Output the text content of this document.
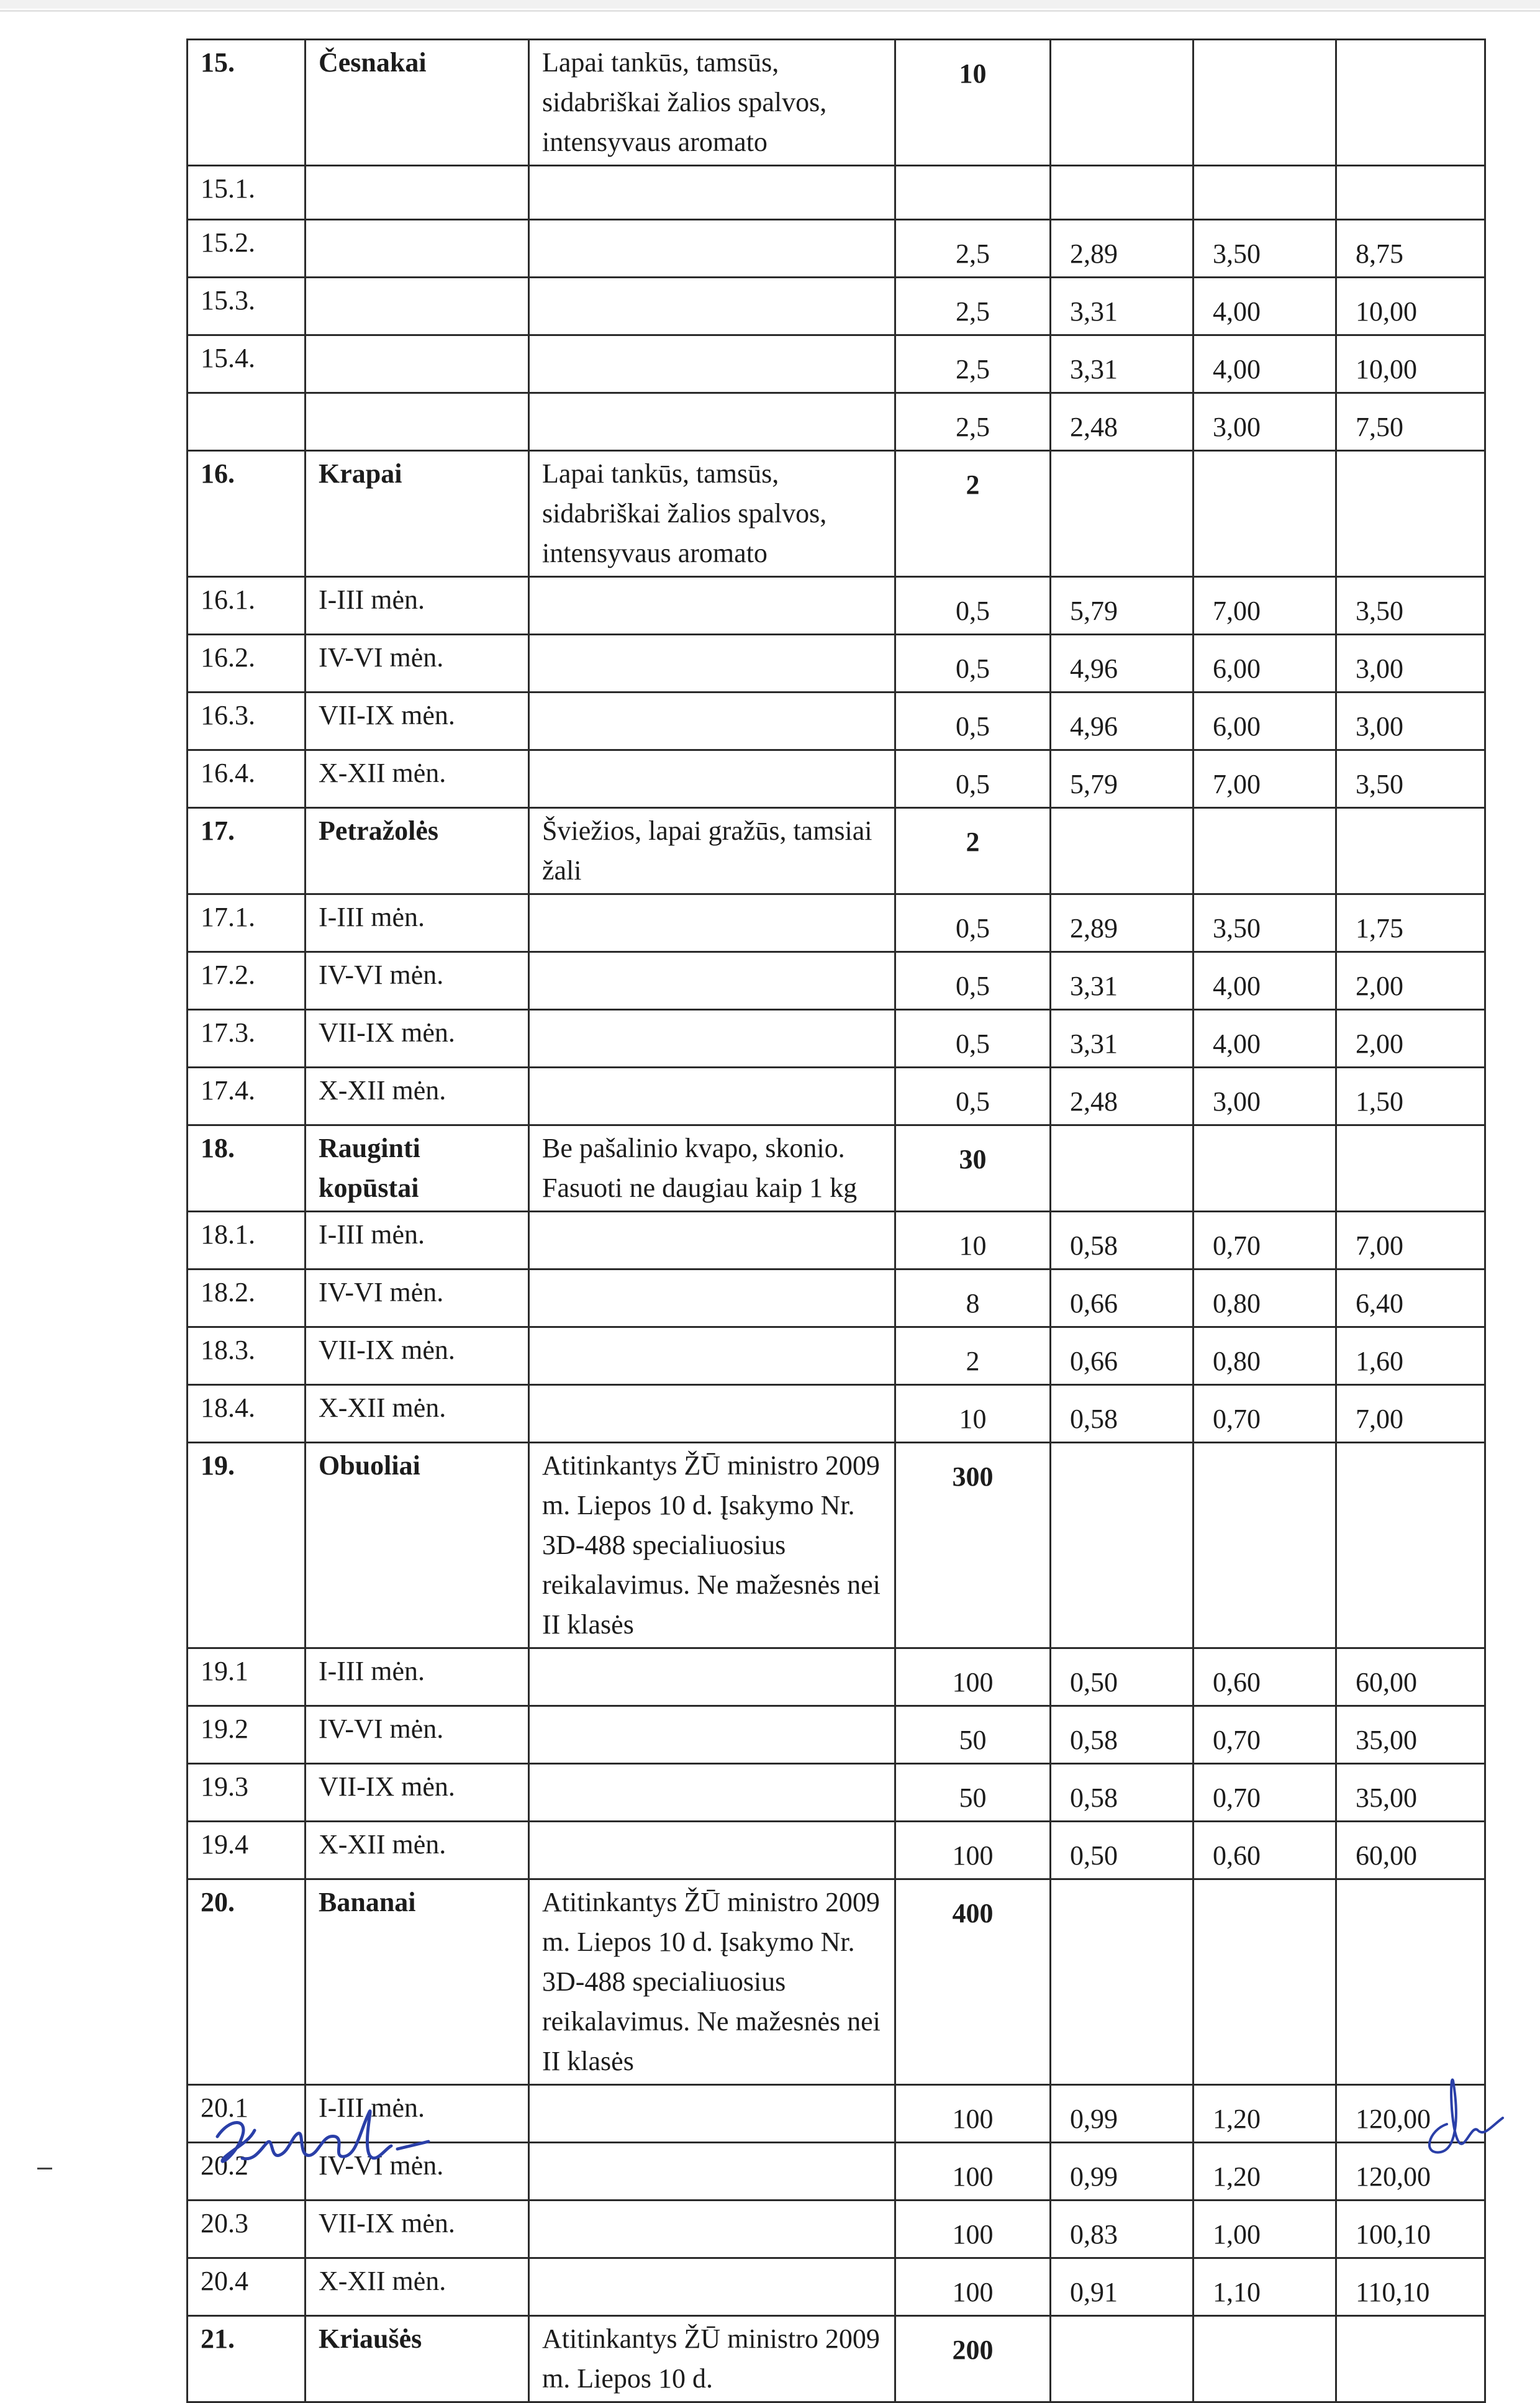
15.	Česnakai	Lapai tankūs, tamsūs, sidabriškai žalios spalvos, intensyvaus aromato	10			
15.1.						
15.2.			2,5	2,89	3,50	8,75
15.3.			2,5	3,31	4,00	10,00
15.4.			2,5	3,31	4,00	10,00
			2,5	2,48	3,00	7,50
16.	Krapai	Lapai tankūs, tamsūs, sidabriškai žalios spalvos, intensyvaus aromato	2			
16.1.	I-III mėn.		0,5	5,79	7,00	3,50
16.2.	IV-VI mėn.		0,5	4,96	6,00	3,00
16.3.	VII-IX mėn.		0,5	4,96	6,00	3,00
16.4.	X-XII mėn.		0,5	5,79	7,00	3,50
17.	Petražolės	Šviežios, lapai gražūs, tamsiai žali	2			
17.1.	I-III mėn.		0,5	2,89	3,50	1,75
17.2.	IV-VI mėn.		0,5	3,31	4,00	2,00
17.3.	VII-IX mėn.		0,5	3,31	4,00	2,00
17.4.	X-XII mėn.		0,5	2,48	3,00	1,50
18.	Rauginti kopūstai	Be pašalinio kvapo, skonio. Fasuoti ne daugiau kaip 1 kg	30			
18.1.	I-III mėn.		10	0,58	0,70	7,00
18.2.	IV-VI mėn.		8	0,66	0,80	6,40
18.3.	VII-IX mėn.		2	0,66	0,80	1,60
18.4.	X-XII mėn.		10	0,58	0,70	7,00
19.	Obuoliai	Atitinkantys ŽŪ ministro 2009 m. Liepos 10 d. Įsakymo Nr. 3D-488 specialiuosius reikalavimus. Ne mažesnės nei II klasės	300			
19.1	I-III mėn.		100	0,50	0,60	60,00
19.2	IV-VI mėn.		50	0,58	0,70	35,00
19.3	VII-IX mėn.		50	0,58	0,70	35,00
19.4	X-XII mėn.		100	0,50	0,60	60,00
20.	Bananai	Atitinkantys ŽŪ ministro 2009 m. Liepos 10 d. Įsakymo Nr. 3D-488 specialiuosius reikalavimus. Ne mažesnės nei II klasės	400			
20.1	I-III mėn.		100	0,99	1,20	120,00
20.2	IV-VI mėn.		100	0,99	1,20	120,00
20.3	VII-IX mėn.		100	0,83	1,00	100,10
20.4	X-XII mėn.		100	0,91	1,10	110,10
21.	Kriaušės	Atitinkantys ŽŪ ministro 2009 m. Liepos 10 d.	200			
